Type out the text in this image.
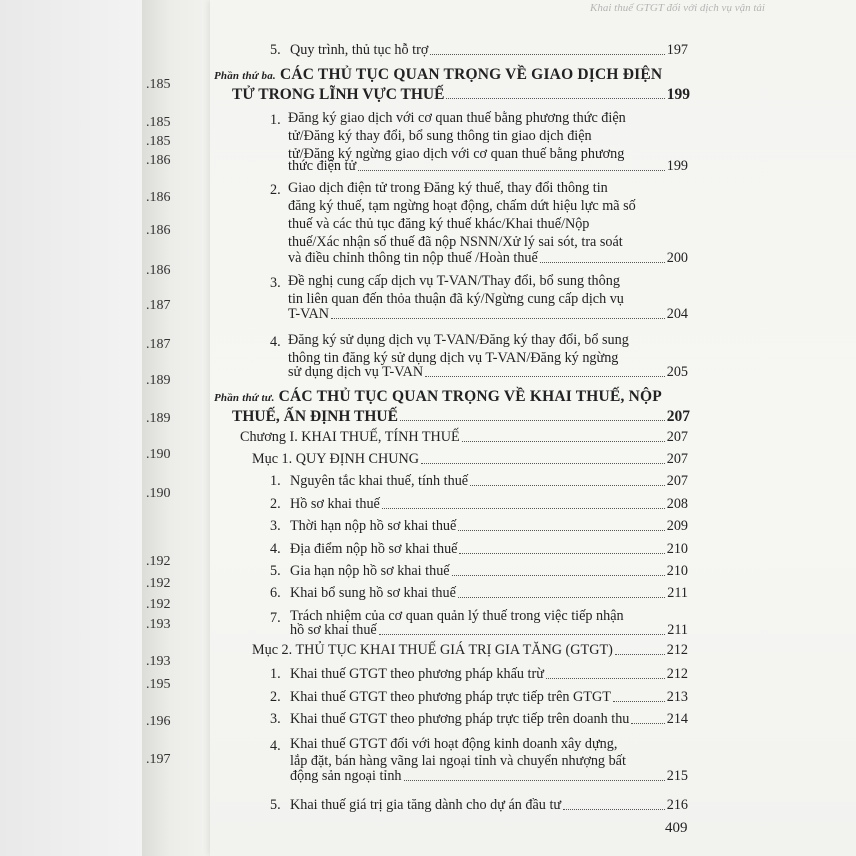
.185
.185
.185
.186
.186
.186
.186
.187
.187
.189
.189
.190
.190
.192
.192
.192
.193
.193
.195
.196
.197
Khai thuế GTGT đối với dịch vụ vận tải
5. Quy trình, thủ tục hỗ trợ	197
Phần thứ ba. CÁC THỦ TỤC QUAN TRỌNG VỀ GIAO DỊCH ĐIỆN
TỬ TRONG LĨNH VỰC THUẾ	199
1. Đăng ký giao dịch với cơ quan thuế bằng phương thức điện
tử/Đăng ký thay đổi, bổ sung thông tin giao dịch điện
tử/Đăng ký ngừng giao dịch với cơ quan thuế bằng phương
thức điện tử	199
2. Giao dịch điện tử trong Đăng ký thuế, thay đổi thông tin
đăng ký thuế, tạm ngừng hoạt động, chấm dứt hiệu lực mã số
thuế và các thủ tục đăng ký thuế khác/Khai thuế/Nộp
thuế/Xác nhận số thuế đã nộp NSNN/Xử lý sai sót, tra soát
và điều chỉnh thông tin nộp thuế /Hoàn thuế	200
3. Đề nghị cung cấp dịch vụ T-VAN/Thay đổi, bổ sung thông
tin liên quan đến thỏa thuận đã ký/Ngừng cung cấp dịch vụ
T-VAN	204
4. Đăng ký sử dụng dịch vụ T-VAN/Đăng ký thay đổi, bổ sung
thông tin đăng ký sử dụng dịch vụ T-VAN/Đăng ký ngừng
sử dụng dịch vụ T-VAN	205
Phần thứ tư. CÁC THỦ TỤC QUAN TRỌNG VỀ KHAI THUẾ, NỘP
THUẾ, ẤN ĐỊNH THUẾ	207
Chương I. KHAI THUẾ, TÍNH THUẾ	207
Mục 1. QUY ĐỊNH CHUNG	207
1. Nguyên tắc khai thuế, tính thuế	207
2. Hồ sơ khai thuế	208
3. Thời hạn nộp hồ sơ khai thuế	209
4. Địa điểm nộp hồ sơ khai thuế	210
5. Gia hạn nộp hồ sơ khai thuế	210
6. Khai bổ sung hồ sơ khai thuế	211
7. Trách nhiệm của cơ quan quản lý thuế trong việc tiếp nhận
hồ sơ khai thuế	211
Mục 2. THỦ TỤC KHAI THUẾ GIÁ TRỊ GIA TĂNG (GTGT)	212
1. Khai thuế GTGT theo phương pháp khấu trừ	212
2. Khai thuế GTGT theo phương pháp trực tiếp trên GTGT	213
3. Khai thuế GTGT theo phương pháp trực tiếp trên doanh thu	214
4. Khai thuế GTGT đối với hoạt động kinh doanh xây dựng,
lắp đặt, bán hàng vãng lai ngoại tỉnh và chuyển nhượng bất
động sản ngoại tỉnh	215
5. Khai thuế giá trị gia tăng dành cho dự án đầu tư	216
409
